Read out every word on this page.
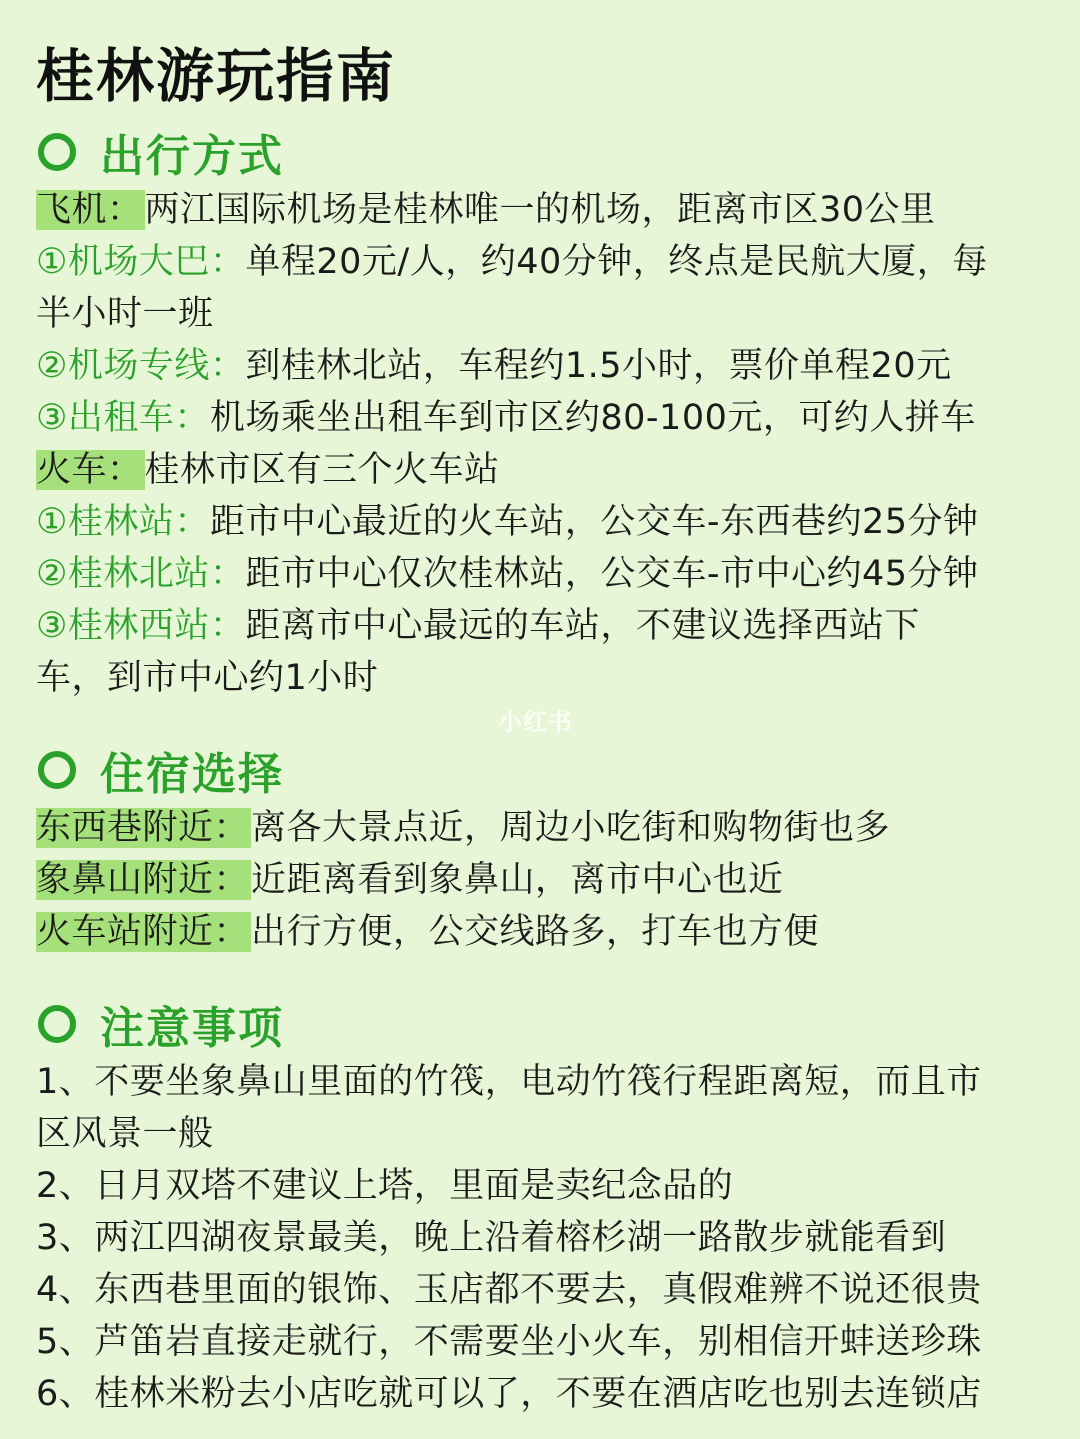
桂林游玩指南
出行方式
飞机：两江国际机场是桂林唯一的机场，距离市区30公里
①机场大巴：单程20元/人，约40分钟，终点是民航大厦，每
半小时一班
②机场专线：到桂林北站，车程约1.5小时，票价单程20元
③出租车：机场乘坐出租车到市区约80-100元，可约人拼车
火车：桂林市区有三个火车站
①桂林站：距市中心最近的火车站，公交车-东西巷约25分钟
②桂林北站：距市中心仅次桂林站，公交车-市中心约45分钟
③桂林西站：距离市中心最远的车站，不建议选择西站下
车，到市中心约1小时
小红书
住宿选择
东西巷附近：离各大景点近，周边小吃街和购物街也多
象鼻山附近：近距离看到象鼻山，离市中心也近
火车站附近：出行方便，公交线路多，打车也方便
注意事项
1、不要坐象鼻山里面的竹筏，电动竹筏行程距离短，而且市
区风景一般
2、日月双塔不建议上塔，里面是卖纪念品的
3、两江四湖夜景最美，晚上沿着榕杉湖一路散步就能看到
4、东西巷里面的银饰、玉店都不要去，真假难辨不说还很贵
5、芦笛岩直接走就行，不需要坐小火车，别相信开蚌送珍珠
6、桂林米粉去小店吃就可以了，不要在酒店吃也别去连锁店
